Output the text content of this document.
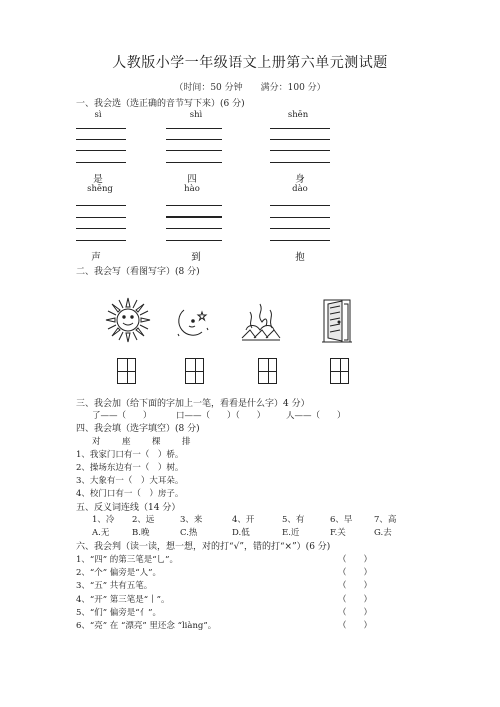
人教版小学一年级语文上册第六单元测试题
（时间：50 分钟　　满分：100 分）
一、我会选（选正确的音节写下来）(6 分)
sì	shì	shēn
是	四	身
shēng	hào	dào
声	到	抱
二、我会写（看图写字）(8 分)
三、我会加（给下面的字加上一笔，看看是什么字）4 分）
了——（　　）	口——（　　）（　　） 人——（　　）
四、我会填（选字填空）(8 分)
对	座	棵	排
1、我家门口有一（　）桥。
2、操场东边有一（　）树。
3、大象有一（　）大耳朵。
4、校门口有一（　）房子。
五、反义词连线（14 分）
1、冷 2、远	3、来	4、开	5、有	6、早	7、高
A.无	B.晚	C.热	D.低	E.近	F.关	G.去
六、我会判（读一读，想一想，对的打“√”，错的打“×”）(6 分)
1、“四” 的第三笔是“乚”。	（　　）
2、“个” 偏旁是“人”。	（　　）
3、“五” 共有五笔。	（　　）
4、“开” 第三笔是“丨”。	（　　）
5、“们” 偏旁是“亻”。	（　　）
6、“亮” 在 “漂亮” 里还念 “liàng”。	（　　）
